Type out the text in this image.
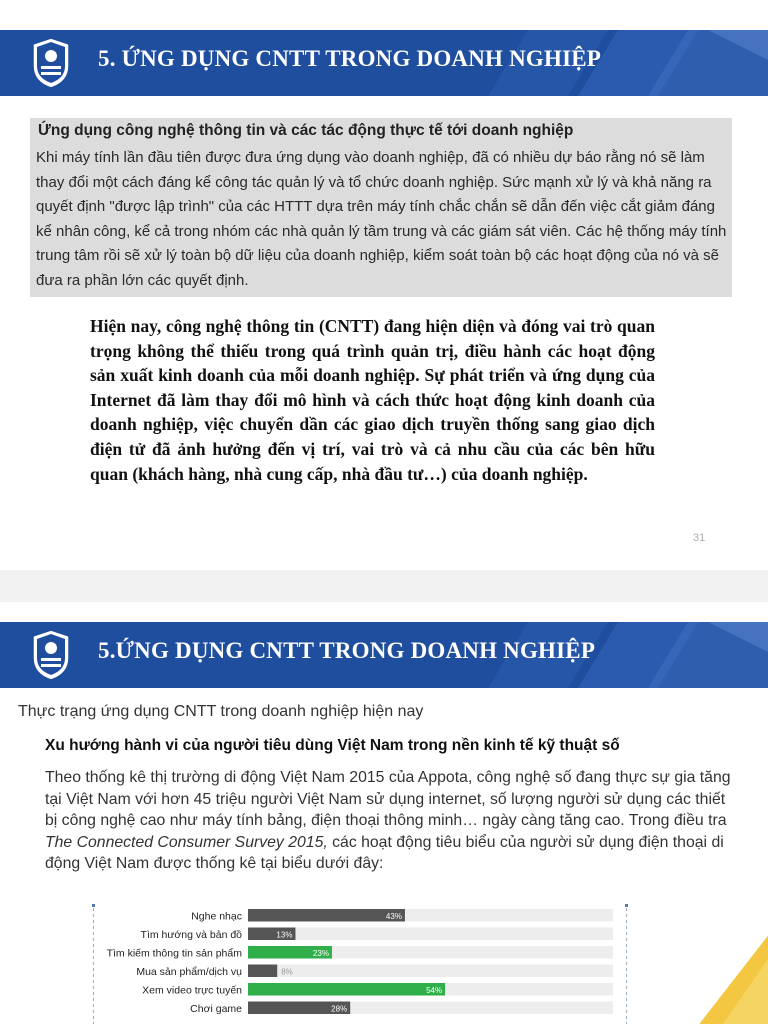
5. ỨNG DỤNG CNTT TRONG DOANH NGHIỆP
Ứng dụng công nghệ thông tin và các tác động thực tế tới doanh nghiệp
Khi máy tính lần đầu tiên được đưa ứng dụng vào doanh nghiệp, đã có nhiều dự báo rằng nó sẽ làm thay đổi một cách đáng kể công tác quản lý và tổ chức doanh nghiệp. Sức mạnh xử lý và khả năng ra quyết định "được lập trình" của các HTTT dựa trên máy tính chắc chắn sẽ dẫn đến việc cắt giảm đáng kể nhân công, kể cả trong nhóm các nhà quản lý tầm trung và các giám sát viên. Các hệ thống máy tính trung tâm rồi sẽ xử lý toàn bộ dữ liệu của doanh nghiệp, kiểm soát toàn bộ các hoạt động của nó và sẽ đưa ra phần lớn các quyết định.
Hiện nay, công nghệ thông tin (CNTT) đang hiện diện và đóng vai trò quan trọng không thể thiếu trong quá trình quản trị, điều hành các hoạt động sản xuất kinh doanh của mỗi doanh nghiệp. Sự phát triển và ứng dụng của Internet đã làm thay đổi mô hình và cách thức hoạt động kinh doanh của doanh nghiệp, việc chuyển dần các giao dịch truyền thống sang giao dịch điện tử đã ảnh hưởng đến vị trí, vai trò và cả nhu cầu của các bên hữu quan (khách hàng, nhà cung cấp, nhà đầu tư…) của doanh nghiệp.
31
5.ỨNG DỤNG CNTT TRONG DOANH NGHIỆP
Thực trạng ứng dụng CNTT trong doanh nghiệp hiện nay
Xu hướng hành vi của người tiêu dùng Việt Nam trong nền kinh tế kỹ thuật số
Theo thống kê thị trường di động Việt Nam 2015 của Appota, công nghệ số đang thực sự gia tăng tại Việt Nam với hơn 45 triệu người Việt Nam sử dụng internet, số lượng người sử dụng các thiết bị công nghệ cao như máy tính bảng, điện thoại thông minh… ngày càng tăng cao. Trong điều tra The Connected Consumer Survey 2015, các hoạt động tiêu biểu của người sử dụng điện thoại di động Việt Nam được thống kê tại biểu dưới đây:
Nghe nhạc	43%
Tìm hướng và bản đồ	13%
Tìm kiếm thông tin sản phẩm	23%
Mua sản phẩm/dịch vụ	8%
Xem video trực tuyến	54%
Chơi game	28%
